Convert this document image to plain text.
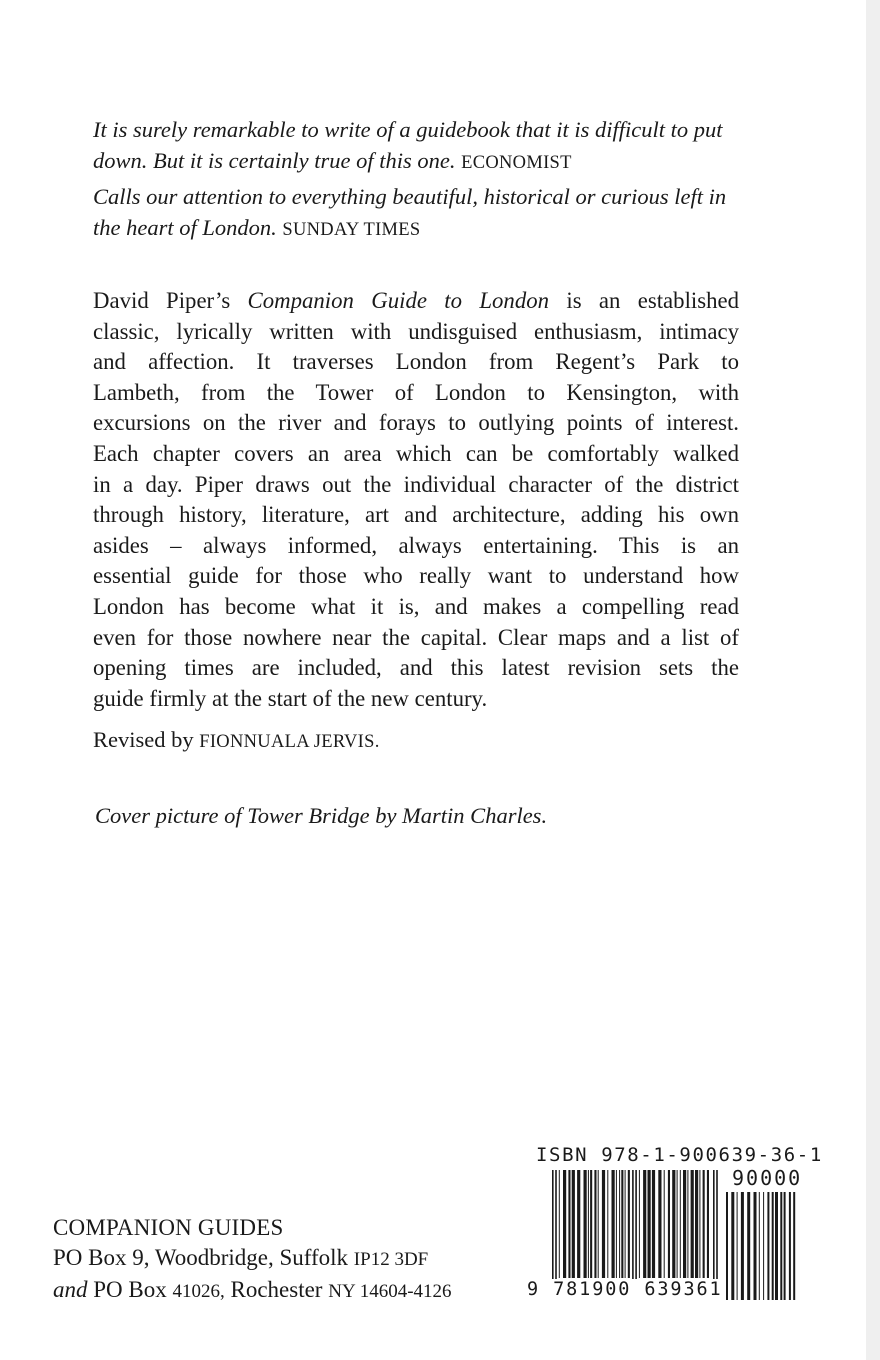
It is surely remarkable to write of a guidebook that it is difficult to put down. But it is certainly true of this one. ECONOMIST
Calls our attention to everything beautiful, historical or curious left in the heart of London. SUNDAY TIMES
David Piper’s Companion Guide to London is an established
classic, lyrically written with undisguised enthusiasm, intimacy
and affection. It traverses London from Regent’s Park to
Lambeth, from the Tower of London to Kensington, with
excursions on the river and forays to outlying points of interest.
Each chapter covers an area which can be comfortably walked
in a day. Piper draws out the individual character of the district
through history, literature, art and architecture, adding his own
asides – always informed, always entertaining. This is an
essential guide for those who really want to understand how
London has become what it is, and makes a compelling read
even for those nowhere near the capital. Clear maps and a list of
opening times are included, and this latest revision sets the
guide firmly at the start of the new century.
Revised by FIONNUALA JERVIS.
Cover picture of Tower Bridge by Martin Charles.
COMPANION GUIDES
PO Box 9, Woodbridge, Suffolk IP12 3DF
and PO Box 41026, Rochester NY 14604-4126
ISBN 978-1-900639-36-1
90000
9 781900 639361
